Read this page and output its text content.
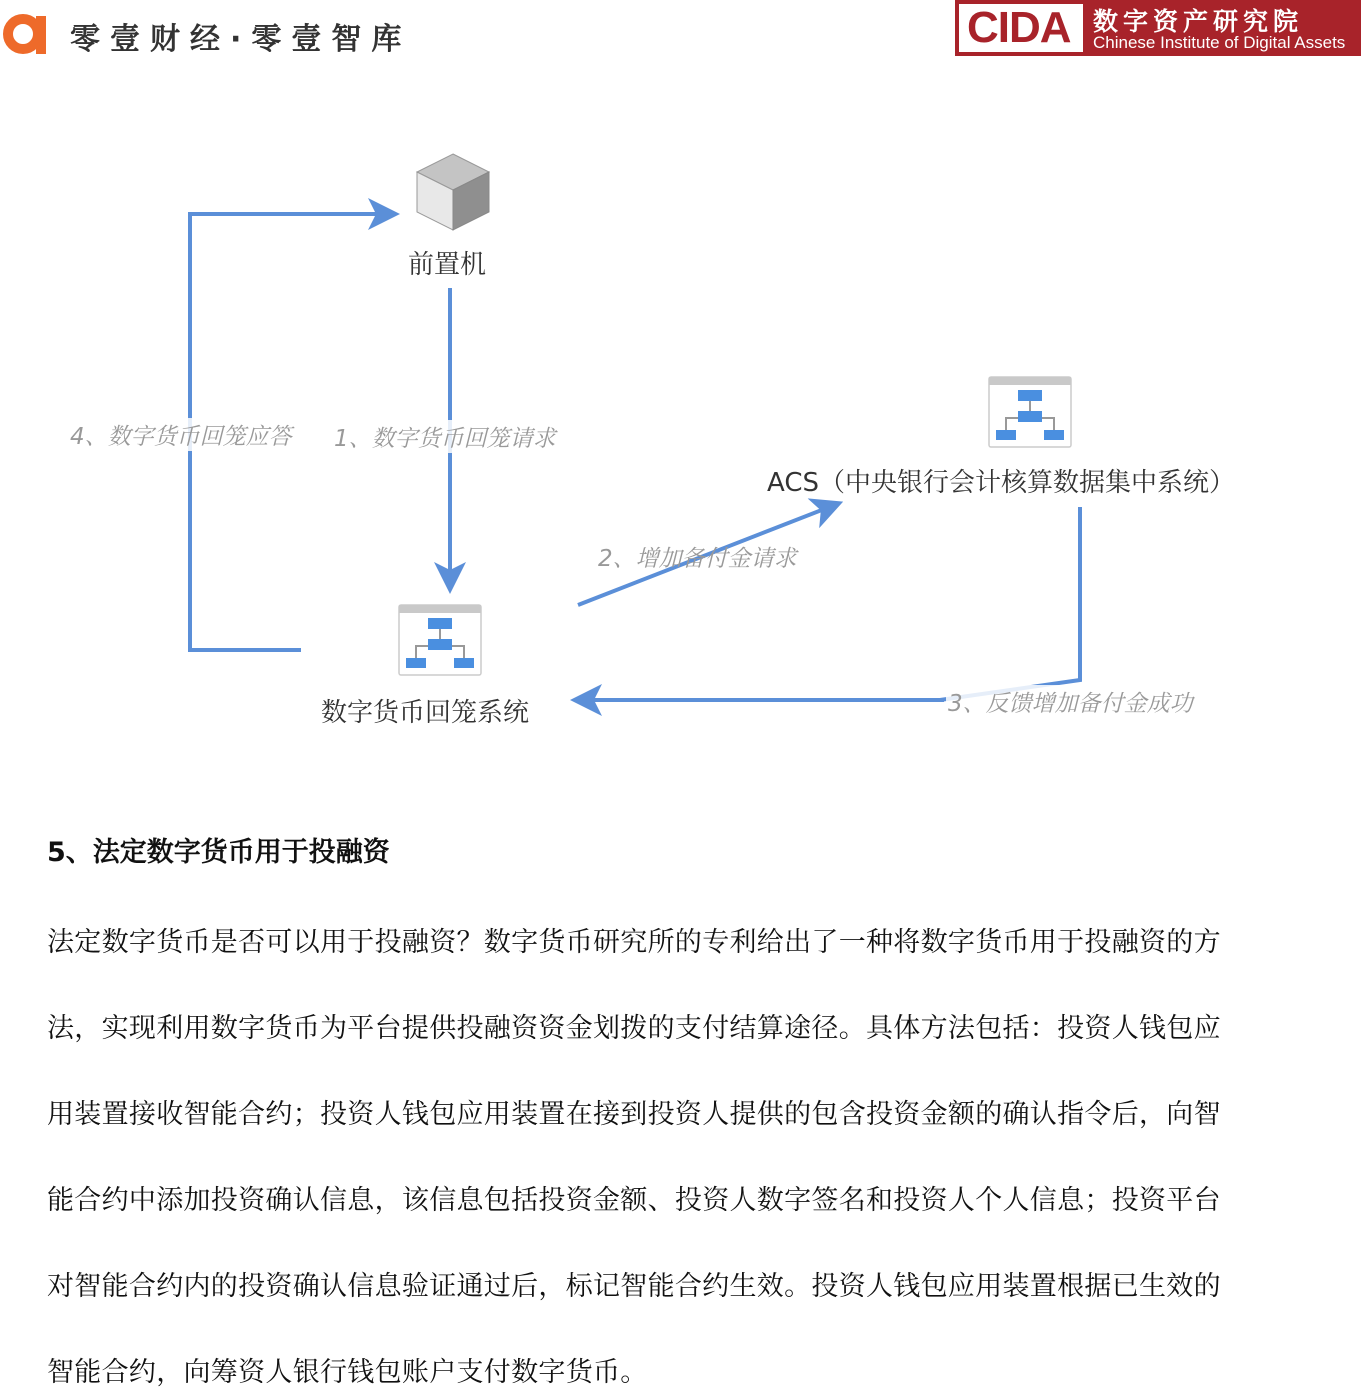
零壹财经·零壹智库	CIDA 数字资产研究院
Chinese Institute of Digital Assets
前置机
ACS（中央银行会计核算数据集中系统）
数字货币回笼系统
4、数字货币回笼应答 1、数字货币回笼请求
2、增加备付金请求
3、反馈增加备付金成功
5、法定数字货币用于投融资
法定数字货币是否可以用于投融资？数字货币研究所的专利给出了一种将数字货币用于投融资的方
法，实现利用数字货币为平台提供投融资资金划拨的支付结算途径。具体方法包括：投资人钱包应
用装置接收智能合约；投资人钱包应用装置在接到投资人提供的包含投资金额的确认指令后，向智
能合约中添加投资确认信息，该信息包括投资金额、投资人数字签名和投资人个人信息；投资平台
对智能合约内的投资确认信息验证通过后，标记智能合约生效。投资人钱包应用装置根据已生效的
智能合约，向筹资人银行钱包账户支付数字货币。
